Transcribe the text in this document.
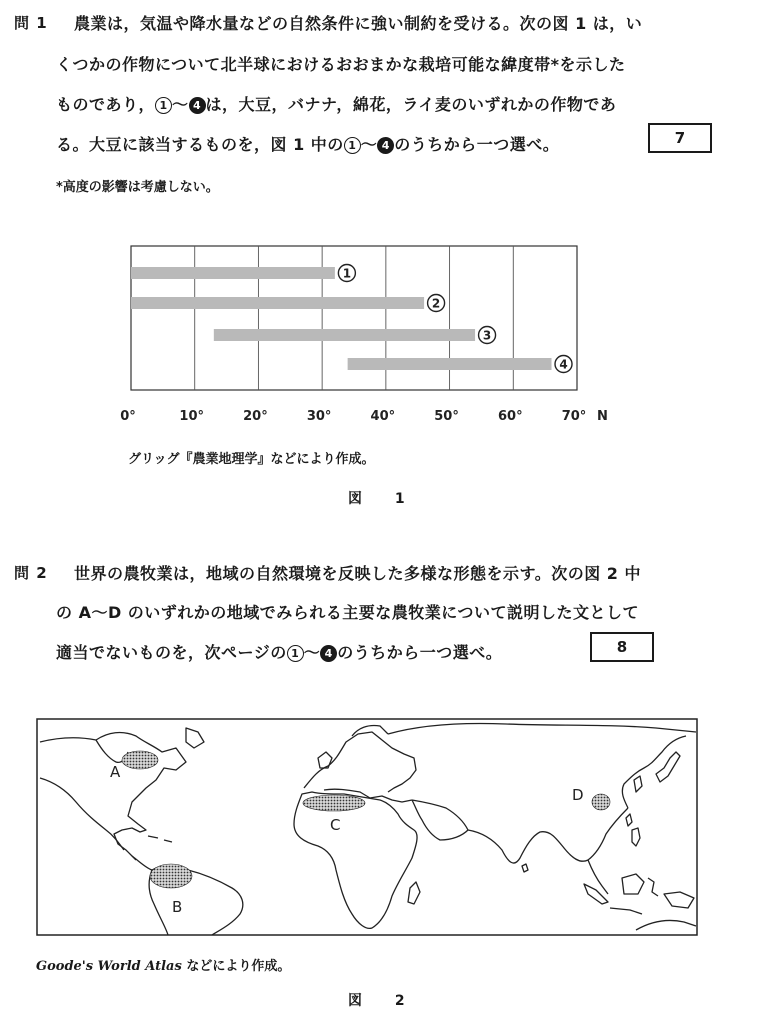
問 1 農業は，気温や降水量などの自然条件に強い制約を受ける。次の図 1 は，い
くつかの作物について北半球におけるおおまかな栽培可能な緯度帯*を示した
ものであり， 1 〜 4 は，大豆，バナナ，綿花，ライ麦のいずれかの作物であ
る。大豆に該当するものを，図 1 中の 1 〜 4 のうちから一つ選べ。	7
*高度の影響は考慮しない。
1
2
3
4
0°	10°	20°	30°	40°	50°	60°	70° N
グリッグ『農業地理学』などにより作成。
図 1
問 2 世界の農牧業は，地域の自然環境を反映した多様な形態を示す。次の図 2 中
の A〜D のいずれかの地域でみられる主要な農牧業について説明した文として
適当でないものを，次ページの 1 〜 4 のうちから一つ選べ。	8
A
B
C
D
Goode's World Atlas などにより作成。
図 2
